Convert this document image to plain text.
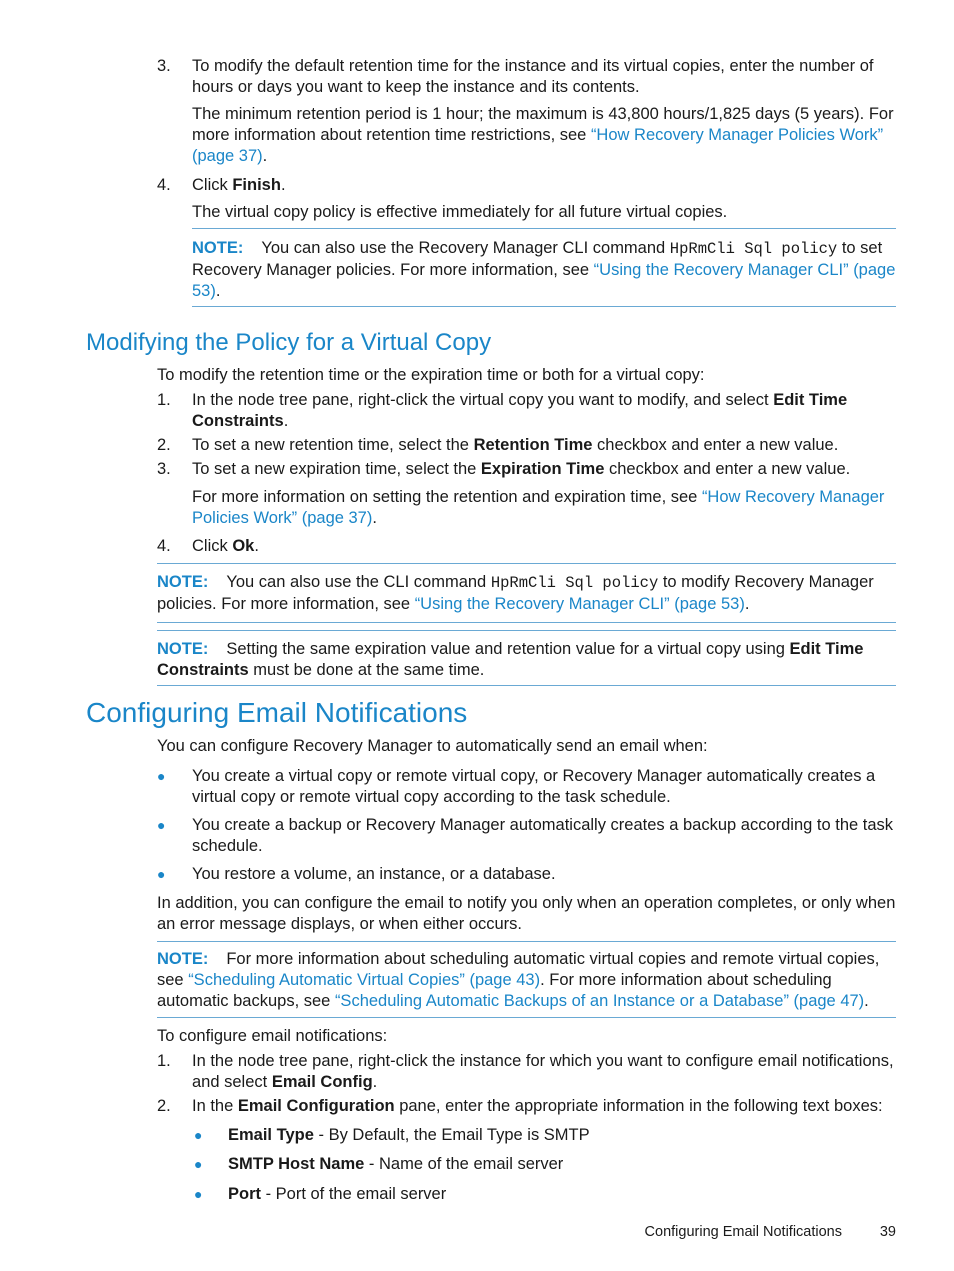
3.	To modify the default retention time for the instance and its virtual copies, enter the number of hours or days you want to keep the instance and its contents.
The minimum retention period is 1 hour; the maximum is 43,800 hours/1,825 days (5 years). For more information about retention time restrictions, see “How Recovery Manager Policies Work” (page 37).
4.	Click Finish.
The virtual copy policy is effective immediately for all future virtual copies.
NOTE: You can also use the Recovery Manager CLI command HpRmCli Sql policy to set Recovery Manager policies. For more information, see “Using the Recovery Manager CLI” (page 53).
Modifying the Policy for a Virtual Copy
To modify the retention time or the expiration time or both for a virtual copy:
1.	In the node tree pane, right-click the virtual copy you want to modify, and select Edit Time Constraints.
2.	To set a new retention time, select the Retention Time checkbox and enter a new value.
3.	To set a new expiration time, select the Expiration Time checkbox and enter a new value.
For more information on setting the retention and expiration time, see “How Recovery Manager Policies Work” (page 37).
4.	Click Ok.
NOTE: You can also use the CLI command HpRmCli Sql policy to modify Recovery Manager policies. For more information, see “Using the Recovery Manager CLI” (page 53).
NOTE: Setting the same expiration value and retention value for a virtual copy using Edit Time Constraints must be done at the same time.
Configuring Email Notifications
You can configure Recovery Manager to automatically send an email when:
● You create a virtual copy or remote virtual copy, or Recovery Manager automatically creates a virtual copy or remote virtual copy according to the task schedule.
● You create a backup or Recovery Manager automatically creates a backup according to the task schedule.
● You restore a volume, an instance, or a database.
In addition, you can configure the email to notify you only when an operation completes, or only when an error message displays, or when either occurs.
NOTE: For more information about scheduling automatic virtual copies and remote virtual copies, see “Scheduling Automatic Virtual Copies” (page 43). For more information about scheduling automatic backups, see “Scheduling Automatic Backups of an Instance or a Database” (page 47).
To configure email notifications:
1.	In the node tree pane, right-click the instance for which you want to configure email notifications, and select Email Config.
2.	In the Email Configuration pane, enter the appropriate information in the following text boxes:
● Email Type - By Default, the Email Type is SMTP
● SMTP Host Name - Name of the email server
● Port - Port of the email server
Configuring Email Notifications	39
